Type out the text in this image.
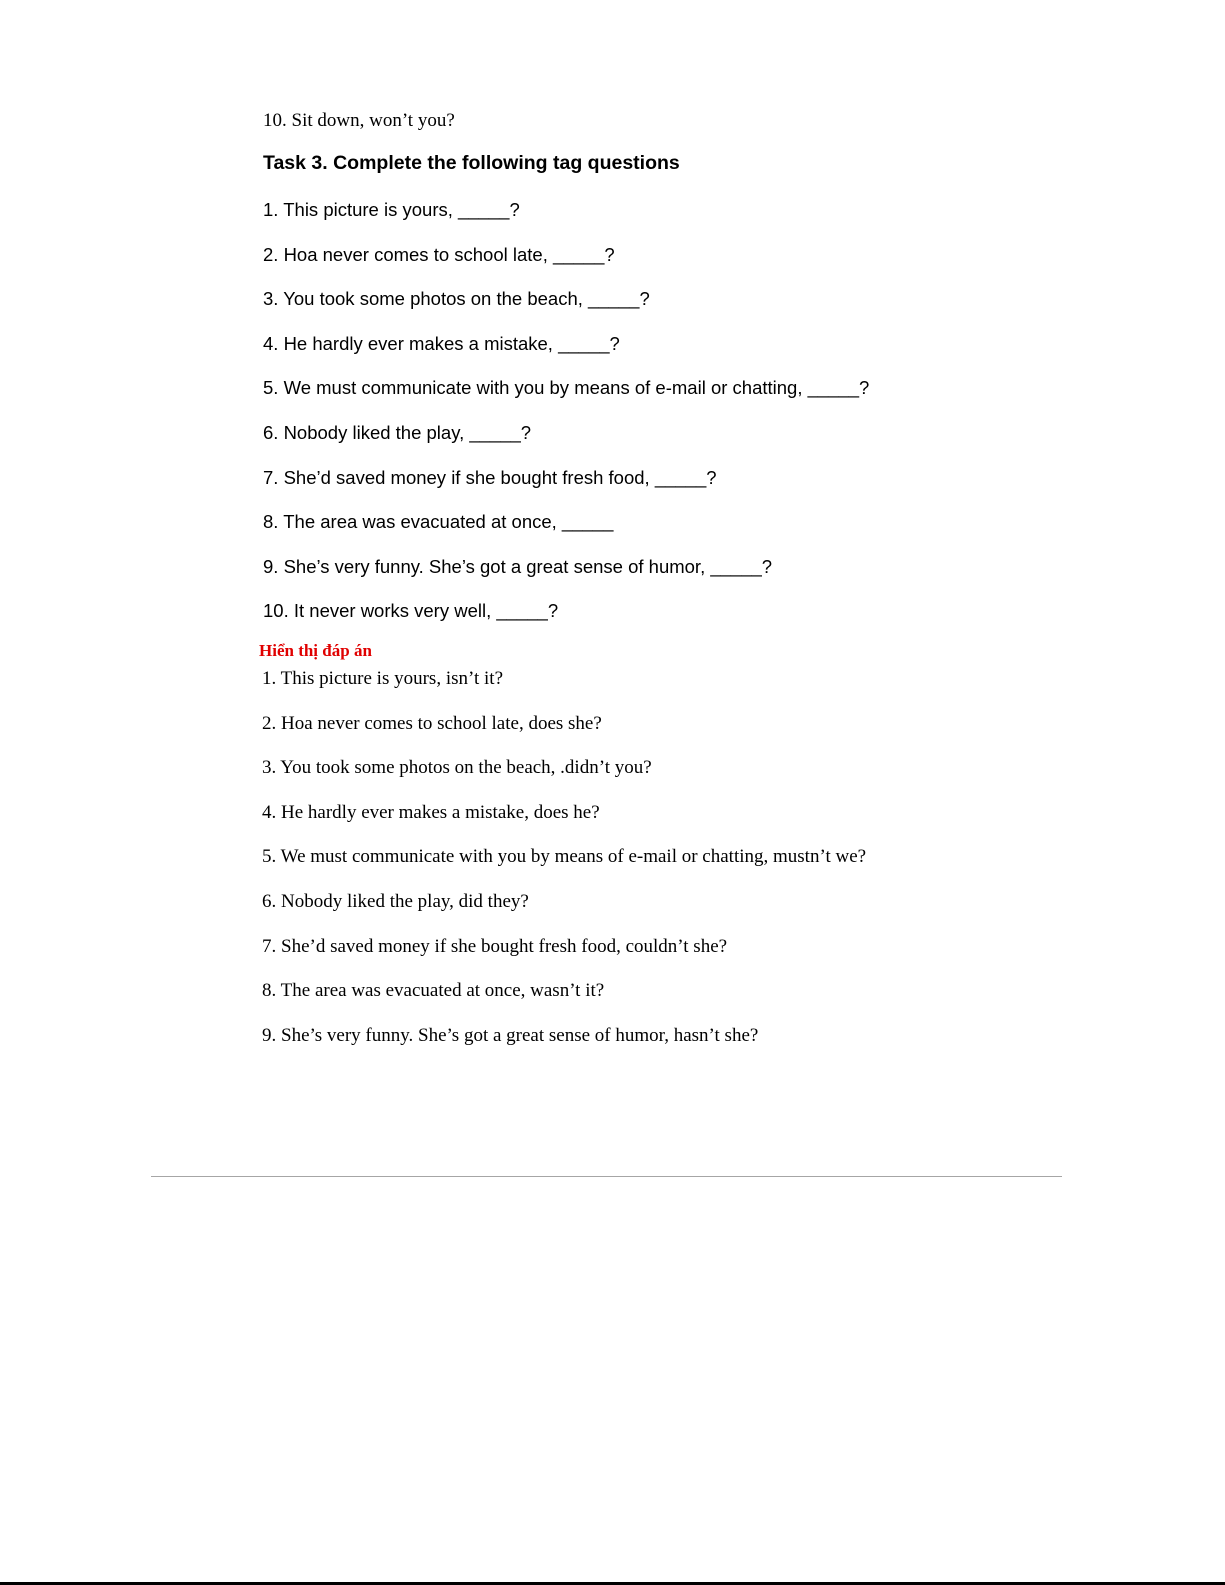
10. Sit down, won’t you?
Task 3. Complete the following tag questions
1. This picture is yours, _____?
2. Hoa never comes to school late, _____?
3. You took some photos on the beach, _____?
4. He hardly ever makes a mistake, _____?
5. We must communicate with you by means of e-mail or chatting, _____?
6. Nobody liked the play, _____?
7. She’d saved money if she bought fresh food, _____?
8. The area was evacuated at once, _____
9. She’s very funny. She’s got a great sense of humor, _____?
10. It never works very well, _____?
Hiển thị đáp án
1. This picture is yours, isn’t it?
2. Hoa never comes to school late, does she?
3. You took some photos on the beach, .didn’t you?
4. He hardly ever makes a mistake, does he?
5. We must communicate with you by means of e-mail or chatting, mustn’t we?
6. Nobody liked the play, did they?
7. She’d saved money if she bought fresh food, couldn’t she?
8. The area was evacuated at once, wasn’t it?
9. She’s very funny. She’s got a great sense of humor, hasn’t she?
